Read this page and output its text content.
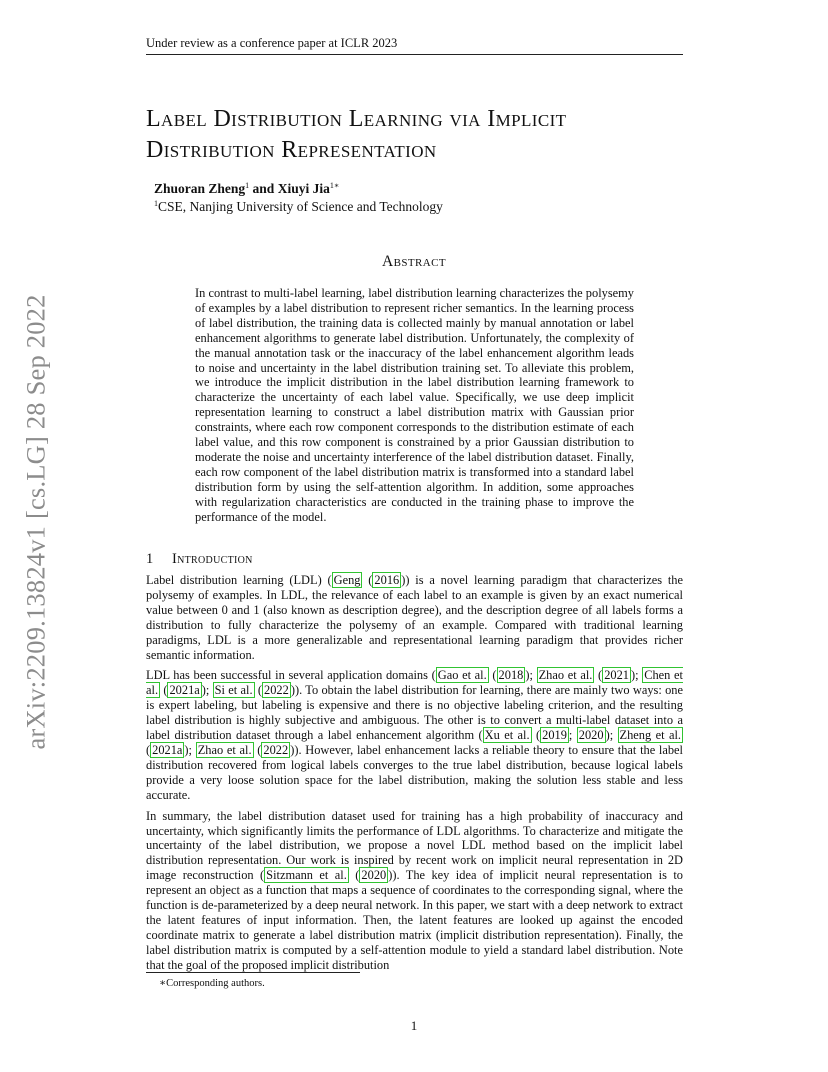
Under review as a conference paper at ICLR 2023
arXiv:2209.13824v1 [cs.LG] 28 Sep 2022
Label Distribution Learning via Implicit Distribution Representation
Zhuoran Zheng$^1$ and Xiuyi Jia$^{1∗}$
$^1$CSE, Nanjing University of Science and Technology
Abstract
In contrast to multi-label learning, label distribution learning characterizes the polysemy of examples by a label distribution to represent richer semantics. In the learning process of label distribution, the training data is collected mainly by manual annotation or label enhancement algorithms to generate label distribution. Unfortunately, the complexity of the manual annotation task or the inaccuracy of the label enhancement algorithm leads to noise and uncertainty in the label distribution training set. To alleviate this problem, we introduce the implicit distribution in the label distribution learning framework to characterize the uncertainty of each label value. Specifically, we use deep implicit representation learning to construct a label distribution matrix with Gaussian prior constraints, where each row component corresponds to the distribution estimate of each label value, and this row component is constrained by a prior Gaussian distribution to moderate the noise and uncertainty interference of the label distribution dataset. Finally, each row component of the label distribution matrix is transformed into a standard label distribution form by using the self-attention algorithm. In addition, some approaches with regularization characteristics are conducted in the training phase to improve the performance of the model.
1 Introduction

Label distribution learning (LDL) ( Geng ( 2016 )) is a novel learning paradigm that characterizes the polysemy of examples. In LDL, the relevance of each label to an example is given by an exact numerical value between 0 and 1 (also known as description degree), and the description degree of all labels forms a distribution to fully characterize the polysemy of an example. Compared with traditional learning paradigms, LDL is a more generalizable and representational learning paradigm that provides richer semantic information.

LDL has been successful in several application domains ( Gao et al. ( 2018 ); Zhao et al. ( 2021 ); Chen et al. ( 2021a ); Si et al. ( 2022 )). To obtain the label distribution for learning, there are mainly two ways: one is expert labeling, but labeling is expensive and there is no objective labeling criterion, and the resulting label distribution is highly subjective and ambiguous. The other is to convert a multi-label dataset into a label distribution dataset through a label enhancement algorithm ( Xu et al. ( 2019 ; 2020 ); Zheng et al. ( 2021a ); Zhao et al. ( 2022 )). However, label enhancement lacks a reliable theory to ensure that the label distribution recovered from logical labels converges to the true label distribution, because logical labels provide a very loose solution space for the label distribution, making the solution less stable and less accurate.

In summary, the label distribution dataset used for training has a high probability of inaccuracy and uncertainty, which significantly limits the performance of LDL algorithms. To characterize and mitigate the uncertainty of the label distribution, we propose a novel LDL method based on the implicit label distribution representation. Our work is inspired by recent work on implicit neural representation in 2D image reconstruction ( Sitzmann et al. ( 2020 )). The key idea of implicit neural representation is to represent an object as a function that maps a sequence of coordinates to the corresponding signal, where the function is de-parameterized by a deep neural network. In this paper, we start with a deep network to extract the latent features of input information. Then, the latent features are looked up against the encoded coordinate matrix to generate a label distribution matrix (implicit distribution representation). Finally, the label distribution matrix is computed by a self-attention module to yield a standard label distribution. Note that the goal of the proposed implicit distribution

∗Corresponding authors.
1
